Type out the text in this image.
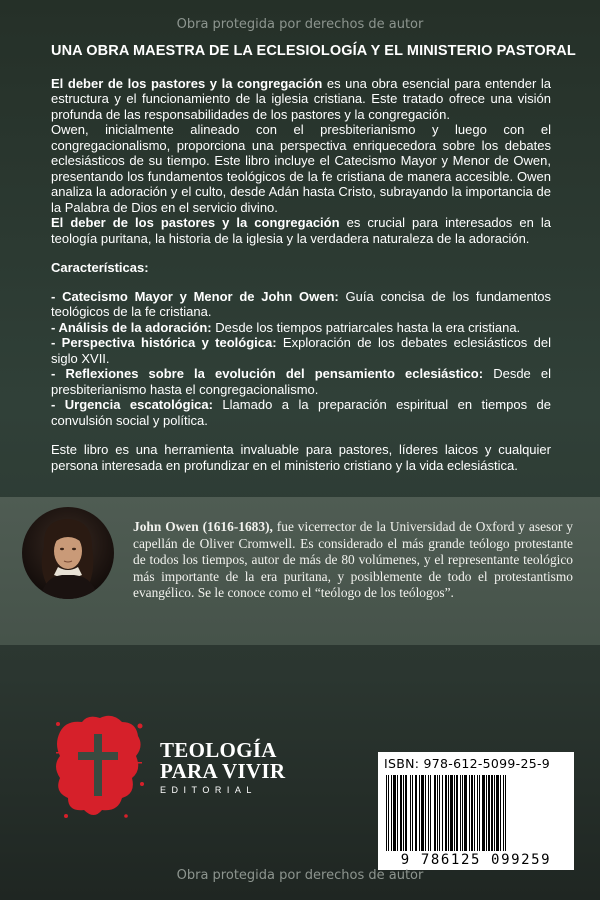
Obra protegida por derechos de autor
UNA OBRA MAESTRA DE LA ECLESIOLOGÍA Y EL MINISTERIO PASTORAL

El deber de los pastores y la congregación es una obra esencial para entender la estructura y el funcionamiento de la iglesia cristiana. Este tratado ofrece una visión profunda de las responsabilidades de los pastores y la congregación.

Owen, inicialmente alineado con el presbiterianismo y luego con el congregacionalismo, proporciona una perspectiva enriquecedora sobre los debates eclesiásticos de su tiempo. Este libro incluye el Catecismo Mayor y Menor de Owen, presentando los fundamentos teológicos de la fe cristiana de manera accesible. Owen analiza la adoración y el culto, desde Adán hasta Cristo, subrayando la importancia de la Palabra de Dios en el servicio divino.

El deber de los pastores y la congregación es crucial para interesados en la teología puritana, la historia de la iglesia y la verdadera naturaleza de la adoración.

Características:

- Catecismo Mayor y Menor de John Owen: Guía concisa de los fundamentos teológicos de la fe cristiana.

- Análisis de la adoración: Desde los tiempos patriarcales hasta la era cristiana.

- Perspectiva histórica y teológica: Exploración de los debates eclesiásticos del siglo XVII.

- Reflexiones sobre la evolución del pensamiento eclesiástico: Desde el presbiterianismo hasta el congregacionalismo.

- Urgencia escatológica: Llamado a la preparación espiritual en tiempos de convulsión social y política.

Este libro es una herramienta invaluable para pastores, líderes laicos y cualquier persona interesada en profundizar en el ministerio cristiano y la vida eclesiástica.

John Owen (1616-1683), fue vicerrector de la Universidad de Oxford y asesor y capellán de Oliver Cromwell. Es considerado el más grande teólogo protestante de todos los tiempos, autor de más de 80 volúmenes, y el representante teológico más importante de la era puritana, y posiblemente de todo el protestantismo evangélico. Se le conoce como el “teólogo de los teólogos”.
TEOLOGÍA
PARA VIVIR
EDITORIAL
ISBN: 978-612-5099-25-9
9 786125 099259
Obra protegida por derechos de autor
